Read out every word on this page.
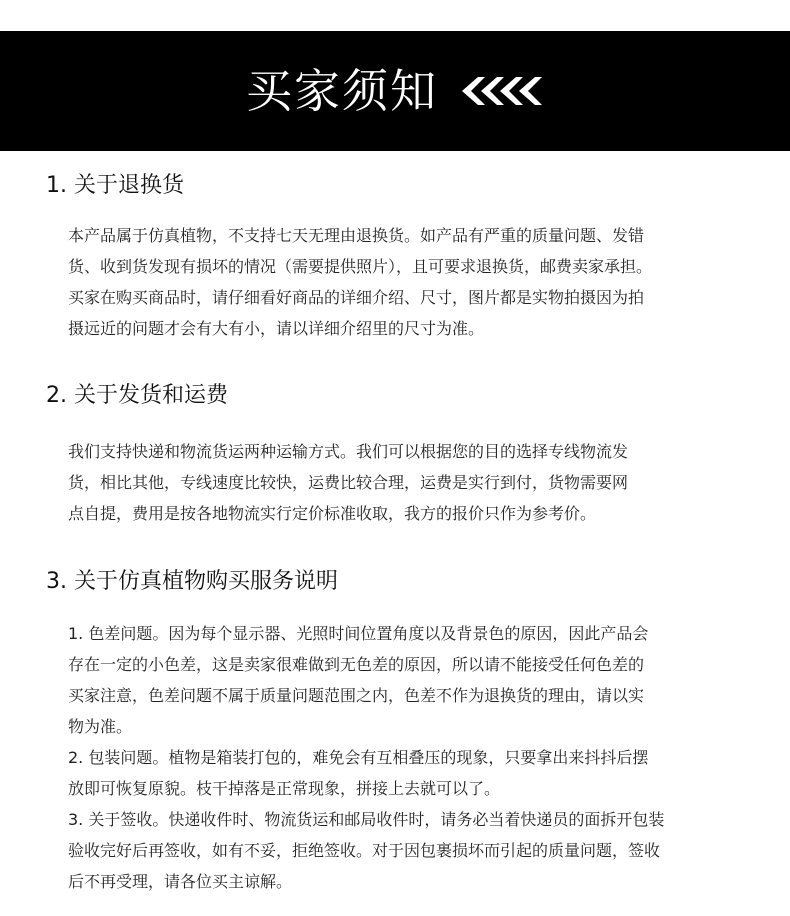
买家须知
1. 关于退换货

本产品属于仿真植物，不支持七天无理由退换货。如产品有严重的质量问题、发错
货、收到货发现有损坏的情况（需要提供照片），且可要求退换货，邮费卖家承担。
买家在购买商品时，请仔细看好商品的详细介绍、尺寸，图片都是实物拍摄因为拍
摄远近的问题才会有大有小，请以详细介绍里的尺寸为准。

2. 关于发货和运费

我们支持快递和物流货运两种运输方式。我们可以根据您的目的选择专线物流发
货，相比其他，专线速度比较快，运费比较合理，运费是实行到付，货物需要网
点自提，费用是按各地物流实行定价标准收取，我方的报价只作为参考价。

3. 关于仿真植物购买服务说明

1. 色差问题。因为每个显示器、光照时间位置角度以及背景色的原因，因此产品会
存在一定的小色差，这是卖家很难做到无色差的原因，所以请不能接受任何色差的
买家注意，色差问题不属于质量问题范围之内，色差不作为退换货的理由，请以实
物为准。
2. 包装问题。植物是箱装打包的，难免会有互相叠压的现象，只要拿出来抖抖后摆
放即可恢复原貌。枝干掉落是正常现象，拼接上去就可以了。
3. 关于签收。快递收件时、物流货运和邮局收件时，请务必当着快递员的面拆开包装
验收完好后再签收，如有不妥，拒绝签收。对于因包裹损坏而引起的质量问题，签收
后不再受理，请各位买主谅解。
